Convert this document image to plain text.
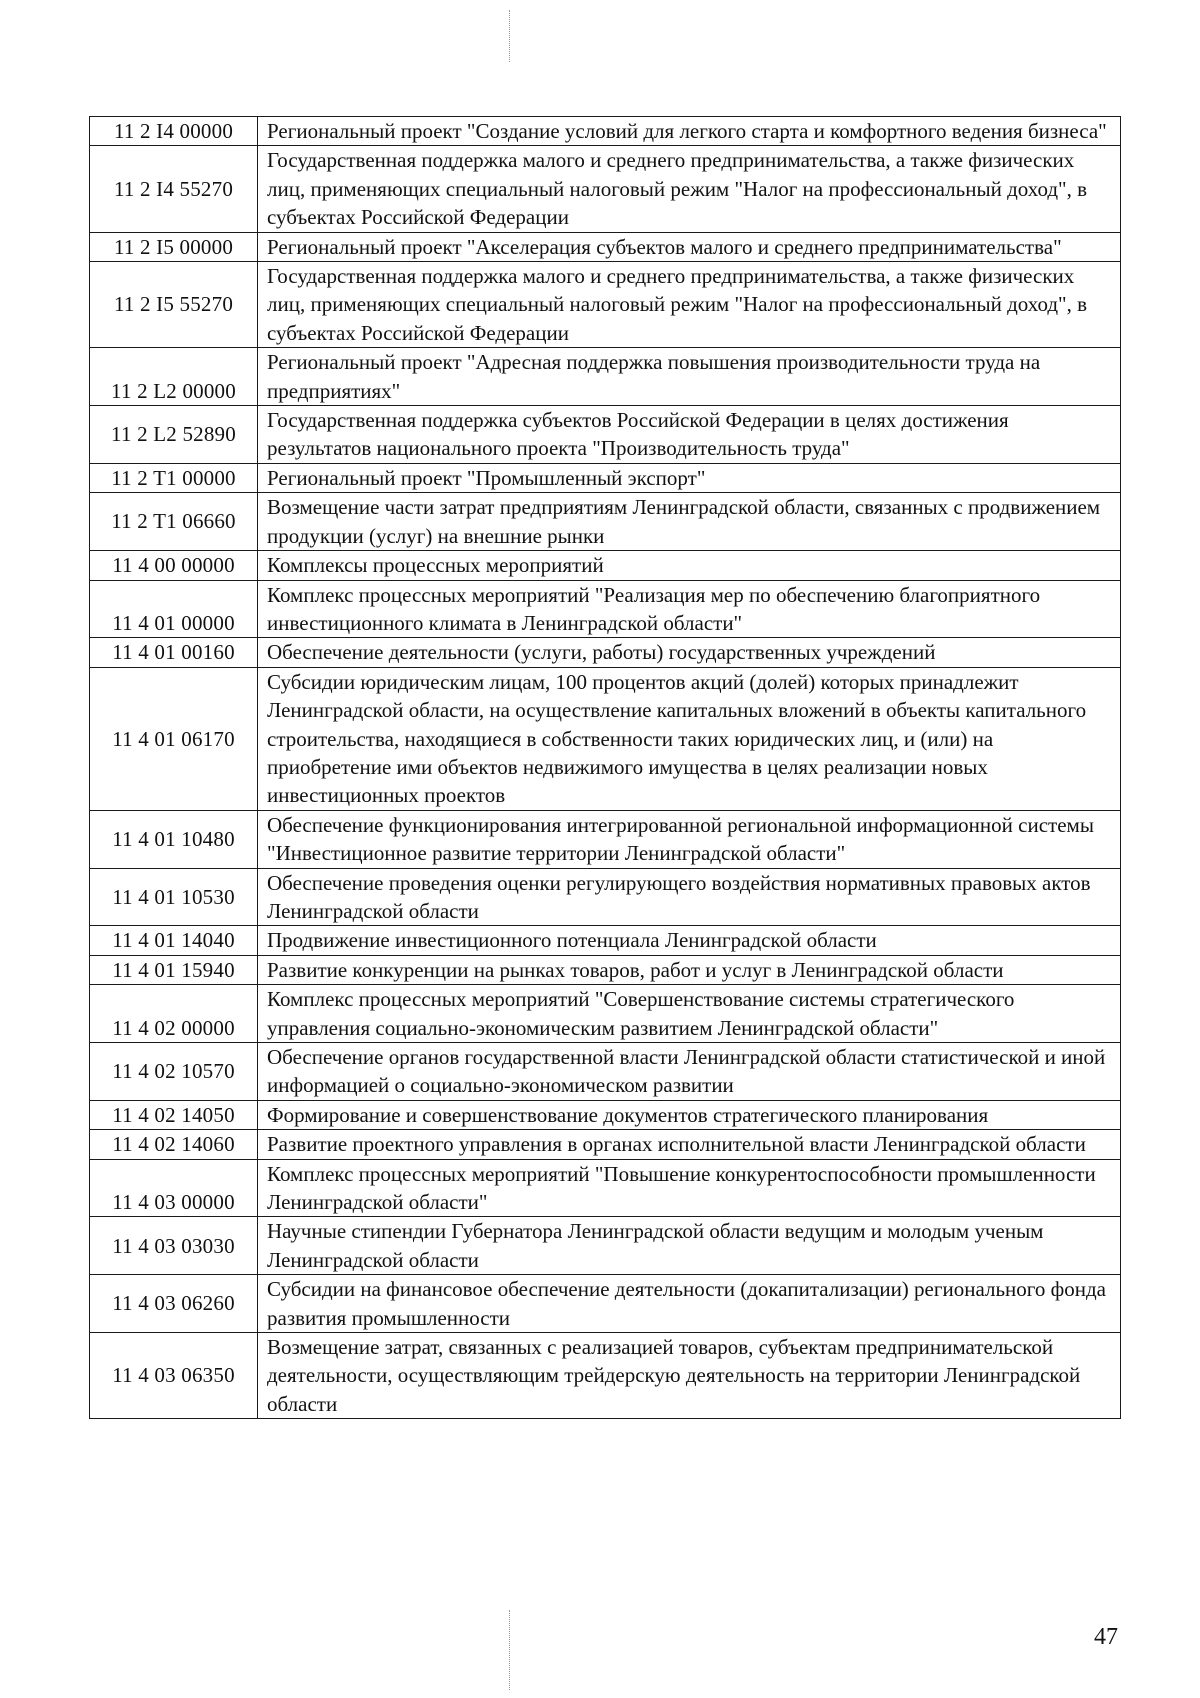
11 2 I4 00000	Региональный проект "Создание условий для легкого старта и комфортного ведения бизнеса"
11 2 I4 55270	Государственная поддержка малого и среднего предпринимательства, а также физических лиц, применяющих специальный налоговый режим "Налог на профессиональный доход", в субъектах Российской Федерации
11 2 I5 00000	Региональный проект "Акселерация субъектов малого и среднего предпринимательства"
11 2 I5 55270	Государственная поддержка малого и среднего предпринимательства, а также физических лиц, применяющих специальный налоговый режим "Налог на профессиональный доход", в субъектах Российской Федерации
11 2 L2 00000	Региональный проект "Адресная поддержка повышения производительности труда на предприятиях"
11 2 L2 52890	Государственная поддержка субъектов Российской Федерации в целях достижения результатов национального проекта "Производительность труда"
11 2 T1 00000	Региональный проект "Промышленный экспорт"
11 2 T1 06660	Возмещение части затрат предприятиям Ленинградской области, связанных с продвижением продукции (услуг) на внешние рынки
11 4 00 00000	Комплексы процессных мероприятий
11 4 01 00000	Комплекс процессных мероприятий "Реализация мер по обеспечению благоприятного инвестиционного климата в Ленинградской области"
11 4 01 00160	Обеспечение деятельности (услуги, работы) государственных учреждений
11 4 01 06170	Субсидии юридическим лицам, 100 процентов акций (долей) которых принадлежит Ленинградской области, на осуществление капитальных вложений в объекты капитального строительства, находящиеся в собственности таких юридических лиц, и (или) на приобретение ими объектов недвижимого имущества в целях реализации новых инвестиционных проектов
11 4 01 10480	Обеспечение функционирования интегрированной региональной информационной системы "Инвестиционное развитие территории Ленинградской области"
11 4 01 10530	Обеспечение проведения оценки регулирующего воздействия нормативных правовых актов Ленинградской области
11 4 01 14040	Продвижение инвестиционного потенциала Ленинградской области
11 4 01 15940	Развитие конкуренции на рынках товаров, работ и услуг в Ленинградской области
11 4 02 00000	Комплекс процессных мероприятий "Совершенствование системы стратегического управления социально-экономическим развитием Ленинградской области"
11 4 02 10570	Обеспечение органов государственной власти Ленинградской области статистической и иной информацией о социально-экономическом развитии
11 4 02 14050	Формирование и совершенствование документов стратегического планирования
11 4 02 14060	Развитие проектного управления в органах исполнительной власти Ленинградской области
11 4 03 00000	Комплекс процессных мероприятий "Повышение конкурентоспособности промышленности Ленинградской области"
11 4 03 03030	Научные стипендии Губернатора Ленинградской области ведущим и молодым ученым Ленинградской области
11 4 03 06260	Субсидии на финансовое обеспечение деятельности (докапитализации) регионального фонда развития промышленности
11 4 03 06350	Возмещение затрат, связанных с реализацией товаров, субъектам предпринимательской деятельности, осуществляющим трейдерскую деятельность на территории Ленинградской области
47
